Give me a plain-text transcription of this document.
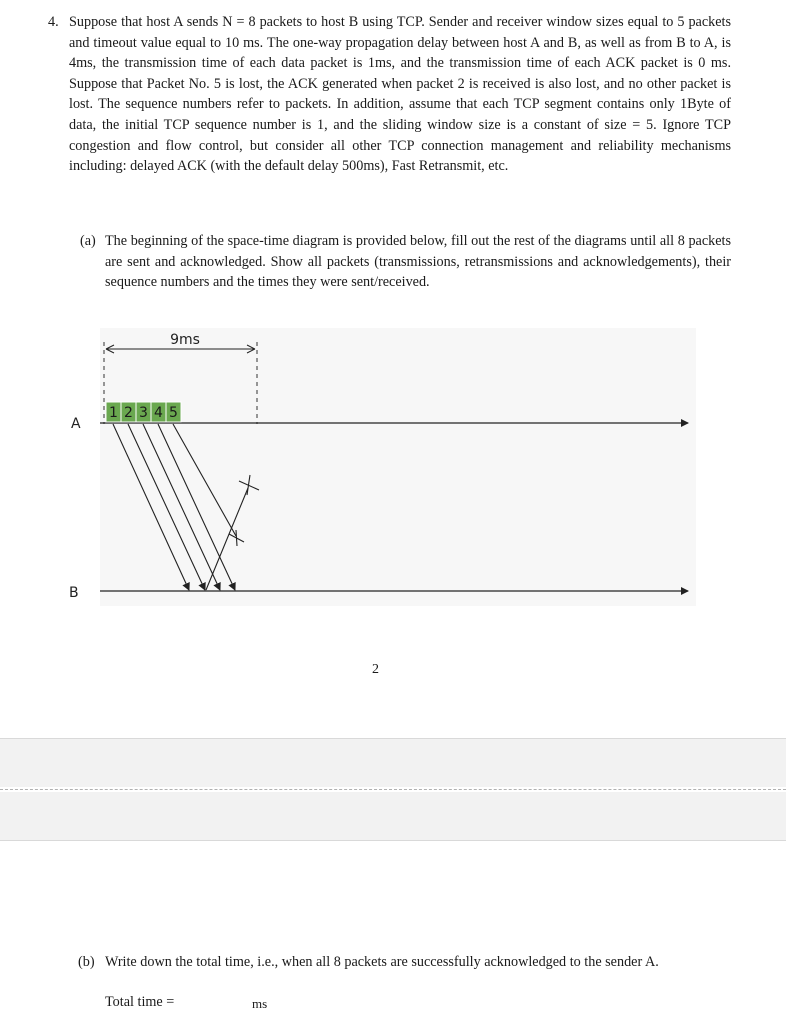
4. Suppose that host A sends N = 8 packets to host B using TCP. Sender and receiver window sizes equal to 5 packets and timeout value equal to 10 ms. The one-way propagation delay between host A and B, as well as from B to A, is 4ms, the transmission time of each data packet is 1ms, and the transmission time of each ACK packet is 0 ms. Suppose that Packet No. 5 is lost, the ACK generated when packet 2 is received is also lost, and no other packet is lost. The sequence numbers refer to packets. In addition, assume that each TCP segment contains only 1Byte of data, the initial TCP sequence number is 1, and the sliding window size is a constant of size = 5. Ignore TCP congestion and flow control, but consider all other TCP connection management and reliability mechanisms including: delayed ACK (with the default delay 500ms), Fast Retransmit, etc.
(a) The beginning of the space-time diagram is provided below, fill out the rest of the diagrams until all 8 packets are sent and acknowledged. Show all packets (transmissions, retransmissions and acknowledgements), their sequence numbers and the times they were sent/received.
9ms
A
B
1 2 3 4 5
2
(b) Write down the total time, i.e., when all 8 packets are successfully acknowledged to the sender A.
Total time =	ms
